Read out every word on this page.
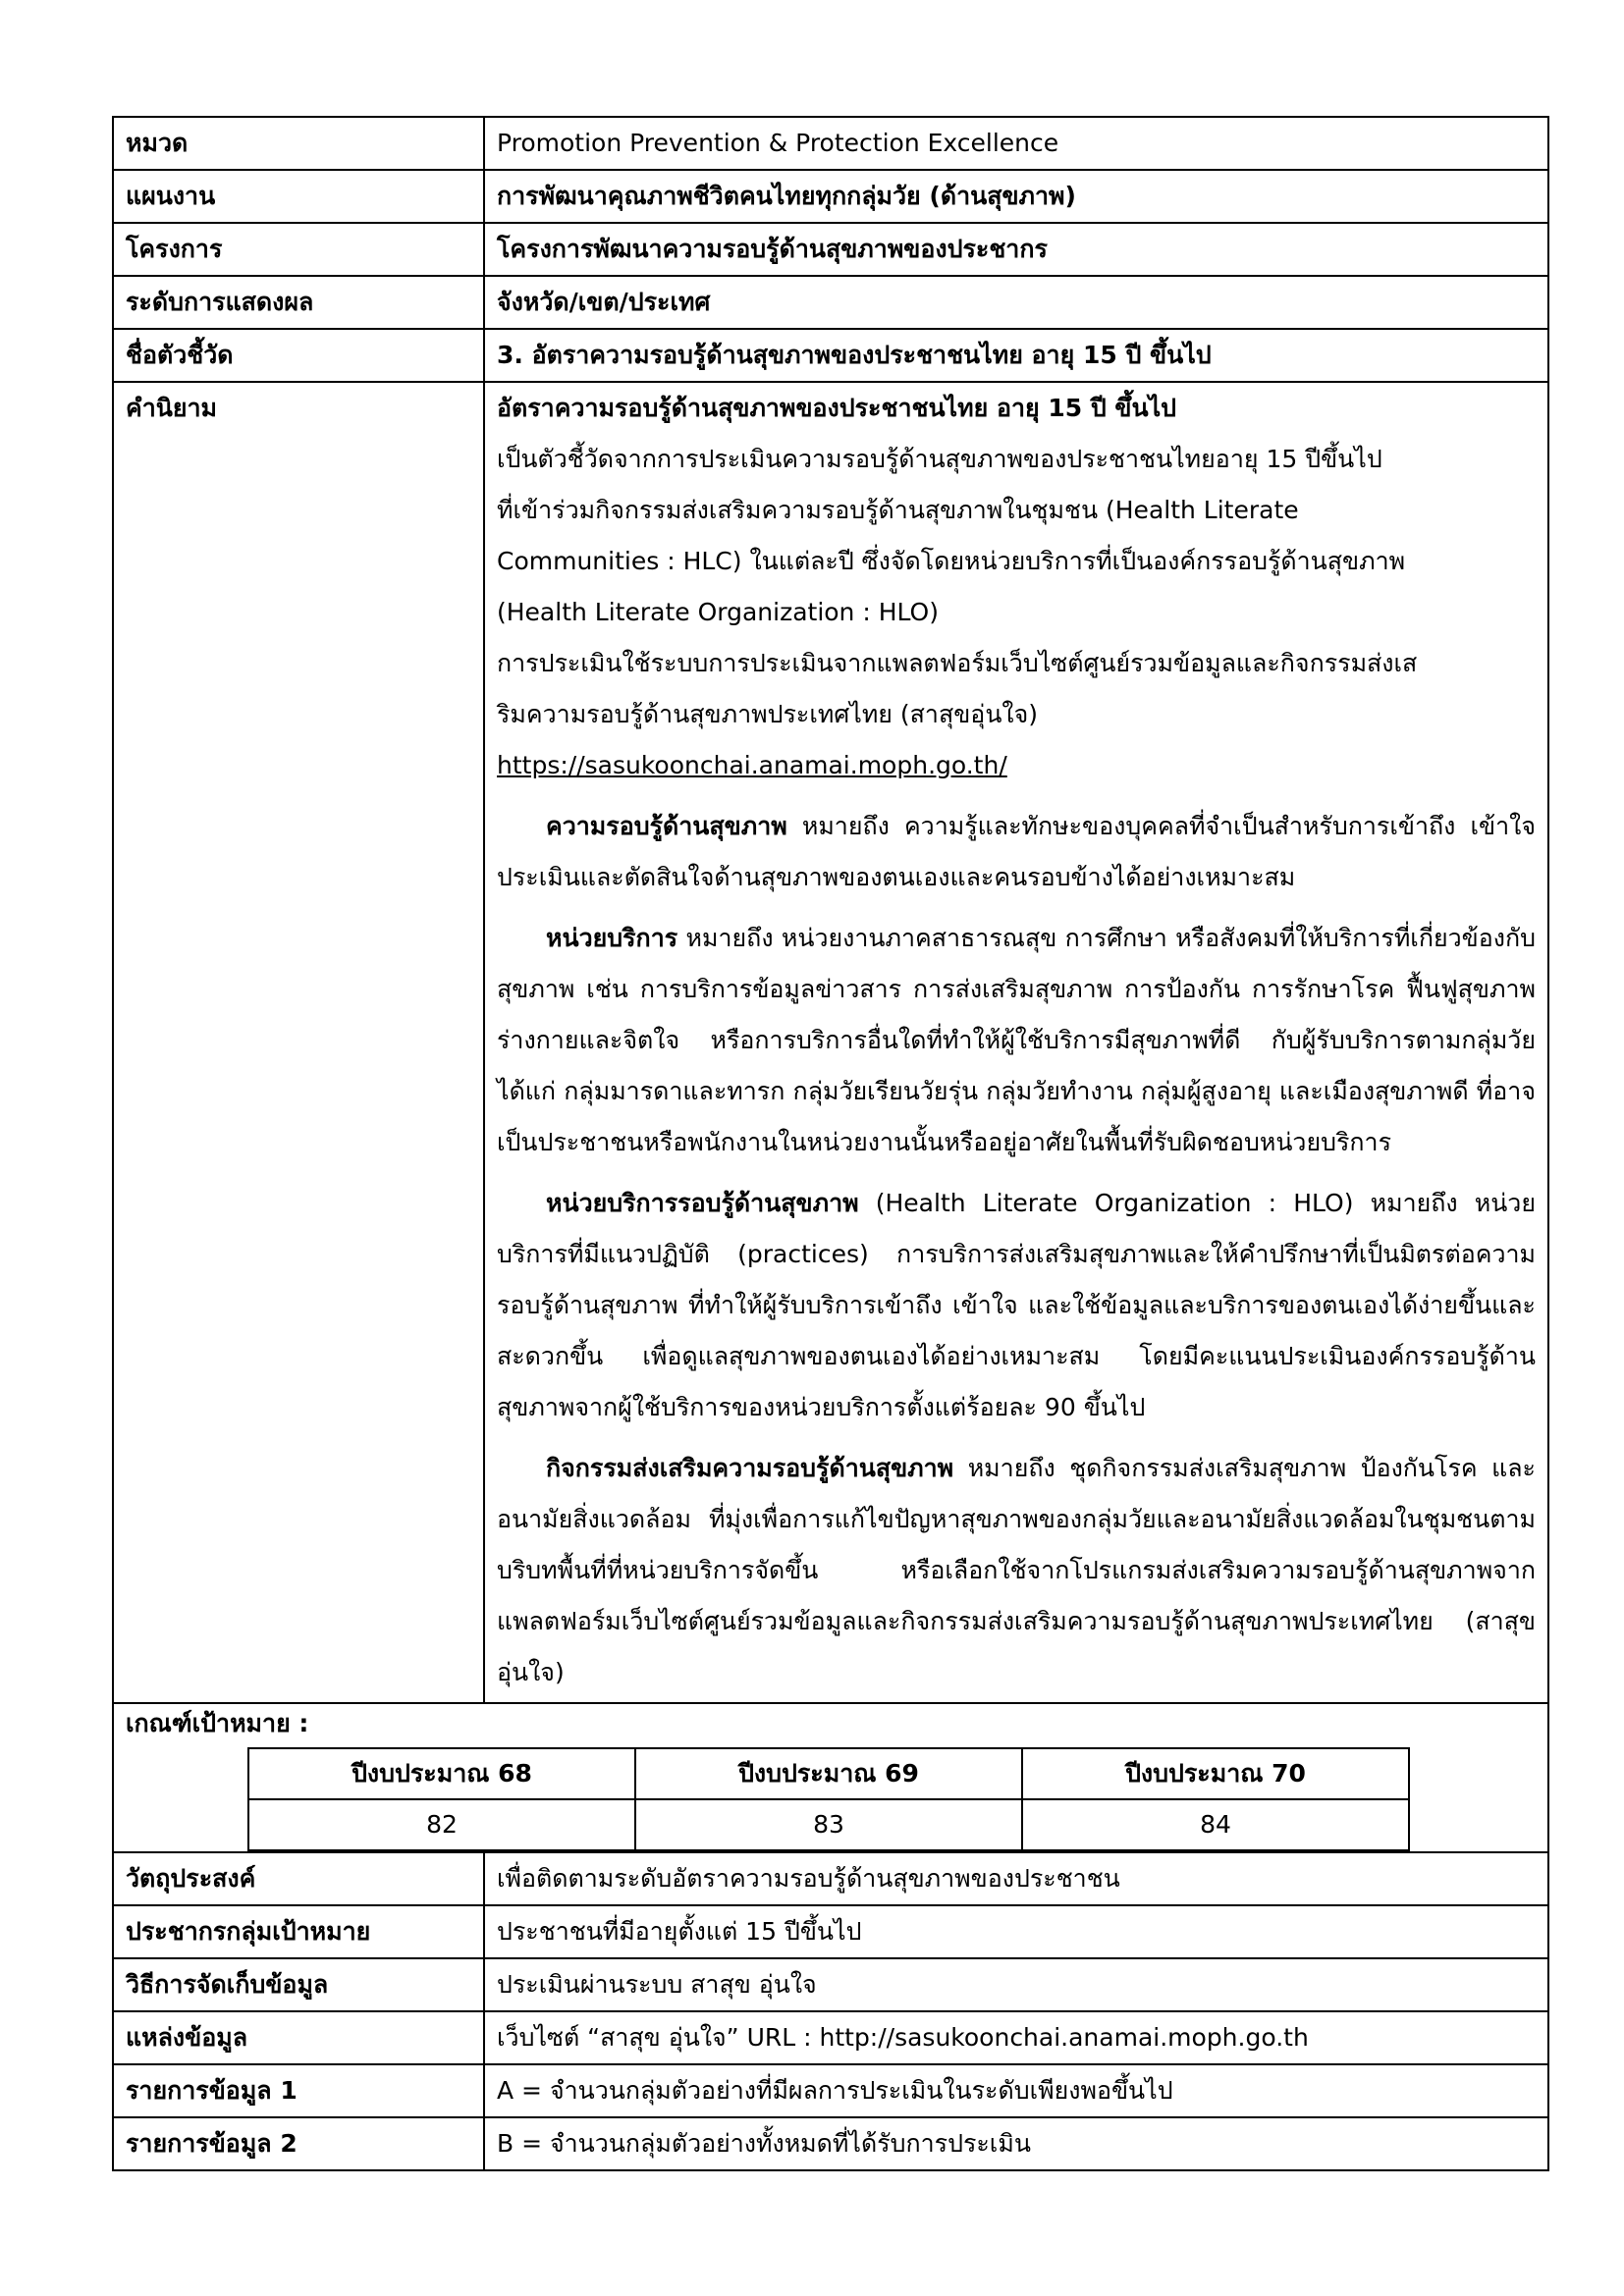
หมวด	Promotion Prevention & Protection Excellence
แผนงาน	การพัฒนาคุณภาพชีวิตคนไทยทุกกลุ่มวัย (ด้านสุขภาพ)
โครงการ	โครงการพัฒนาความรอบรู้ด้านสุขภาพของประชากร
ระดับการแสดงผล	จังหวัด/เขต/ประเทศ
ชื่อตัวชี้วัด	3. อัตราความรอบรู้ด้านสุขภาพของประชาชนไทย อายุ 15 ปี ขึ้นไป
คำนิยาม	อัตราความรอบรู้ด้านสุขภาพของประชาชนไทย อายุ 15 ปี ขึ้นไป
เป็นตัวชี้วัดจากการประเมินความรอบรู้ด้านสุขภาพของประชาชนไทยอายุ 15 ปีขึ้นไป
ที่เข้าร่วมกิจกรรมส่งเสริมความรอบรู้ด้านสุขภาพในชุมชน (Health Literate
Communities : HLC) ในแต่ละปี ซึ่งจัดโดยหน่วยบริการที่เป็นองค์กรรอบรู้ด้านสุขภาพ
(Health Literate Organization : HLO)
การประเมินใช้ระบบการประเมินจากแพลตฟอร์มเว็บไซต์ศูนย์รวมข้อมูลและกิจกรรมส่งเส
ริมความรอบรู้ด้านสุขภาพประเทศไทย (สาสุขอุ่นใจ)
https://sasukoonchai.anamai.moph.go.th/
ความรอบรู้ด้านสุขภาพ หมายถึง ความรู้และทักษะของบุคคลที่จำเป็นสำหรับการเข้าถึง เข้าใจ ประเมินและตัดสินใจด้านสุขภาพของตนเองและคนรอบข้างได้อย่างเหมาะสม
หน่วยบริการ หมายถึง หน่วยงานภาคสาธารณสุข การศึกษา หรือสังคมที่ให้บริการที่เกี่ยวข้องกับสุขภาพ เช่น การบริการข้อมูลข่าวสาร การส่งเสริมสุขภาพ การป้องกัน การรักษาโรค ฟื้นฟูสุขภาพร่างกายและจิตใจ หรือการบริการอื่นใดที่ทำให้ผู้ใช้บริการมีสุขภาพที่ดี กับผู้รับบริการตามกลุ่มวัย ได้แก่ กลุ่มมารดาและทารก กลุ่มวัยเรียนวัยรุ่น กลุ่มวัยทำงาน กลุ่มผู้สูงอายุ และเมืองสุขภาพดี ที่อาจเป็นประชาชนหรือพนักงานในหน่วยงานนั้นหรืออยู่อาศัยในพื้นที่รับผิดชอบหน่วยบริการ
หน่วยบริการรอบรู้ด้านสุขภาพ (Health Literate Organization : HLO) หมายถึง หน่วยบริการที่มีแนวปฏิบัติ (practices) การบริการส่งเสริมสุขภาพและให้คำปรึกษาที่เป็นมิตรต่อความรอบรู้ด้านสุขภาพ ที่ทำให้ผู้รับบริการเข้าถึง เข้าใจ และใช้ข้อมูลและบริการของตนเองได้ง่ายขึ้นและสะดวกขึ้น เพื่อดูแลสุขภาพของตนเองได้อย่างเหมาะสม โดยมีคะแนนประเมินองค์กรรอบรู้ด้านสุขภาพจากผู้ใช้บริการของหน่วยบริการตั้งแต่ร้อยละ 90 ขึ้นไป
กิจกรรมส่งเสริมความรอบรู้ด้านสุขภาพ หมายถึง ชุดกิจกรรมส่งเสริมสุขภาพ ป้องกันโรค และอนามัยสิ่งแวดล้อม ที่มุ่งเพื่อการแก้ไขปัญหาสุขภาพของกลุ่มวัยและอนามัยสิ่งแวดล้อมในชุมชนตามบริบทพื้นที่ที่หน่วยบริการจัดขึ้น หรือเลือกใช้จากโปรแกรมส่งเสริมความรอบรู้ด้านสุขภาพจากแพลตฟอร์มเว็บไซต์ศูนย์รวมข้อมูลและกิจกรรมส่งเสริมความรอบรู้ด้านสุขภาพประเทศไทย (สาสุขอุ่นใจ)

เกณฑ์เป้าหมาย :
ปีงบประมาณ 68	ปีงบประมาณ 69	ปีงบประมาณ 70
82	83	84

วัตถุประสงค์	เพื่อติดตามระดับอัตราความรอบรู้ด้านสุขภาพของประชาชน
ประชากรกลุ่มเป้าหมาย	ประชาชนที่มีอายุตั้งแต่ 15 ปีขึ้นไป
วิธีการจัดเก็บข้อมูล	ประเมินผ่านระบบ สาสุข อุ่นใจ
แหล่งข้อมูล	เว็บไซต์ “สาสุข อุ่นใจ” URL : http://sasukoonchai.anamai.moph.go.th
รายการข้อมูล 1	A = จำนวนกลุ่มตัวอย่างที่มีผลการประเมินในระดับเพียงพอขึ้นไป
รายการข้อมูล 2	B = จำนวนกลุ่มตัวอย่างทั้งหมดที่ได้รับการประเมิน
